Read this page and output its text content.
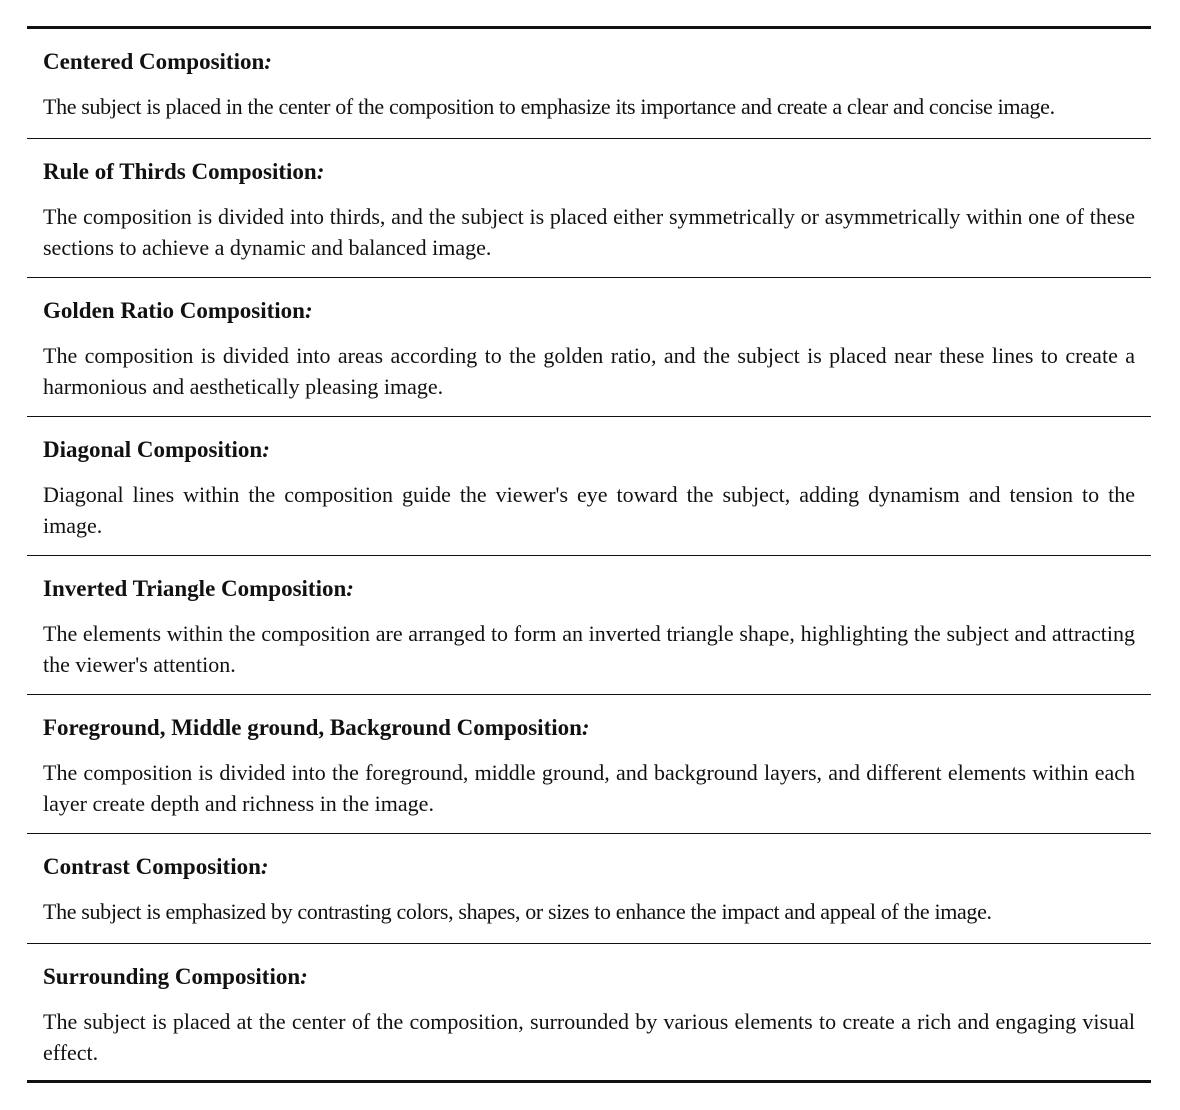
Centered Composition:

The subject is placed in the center of the composition to emphasize its importance and create a clear and concise image.

Rule of Thirds Composition:

The composition is divided into thirds, and the subject is placed either symmetrically or asymmetrically within one of these sections to achieve a dynamic and balanced image.

Golden Ratio Composition:

The composition is divided into areas according to the golden ratio, and the subject is placed near these lines to create a harmonious and aesthetically pleasing image.

Diagonal Composition:

Diagonal lines within the composition guide the viewer's eye toward the subject, adding dynamism and tension to the image.

Inverted Triangle Composition:

The elements within the composition are arranged to form an inverted triangle shape, highlighting the subject and attracting the viewer's attention.

Foreground, Middle ground, Background Composition:

The composition is divided into the foreground, middle ground, and background layers, and different elements within each layer create depth and richness in the image.

Contrast Composition:

The subject is emphasized by contrasting colors, shapes, or sizes to enhance the impact and appeal of the image.

Surrounding Composition:

The subject is placed at the center of the composition, surrounded by various elements to create a rich and engaging visual effect.
